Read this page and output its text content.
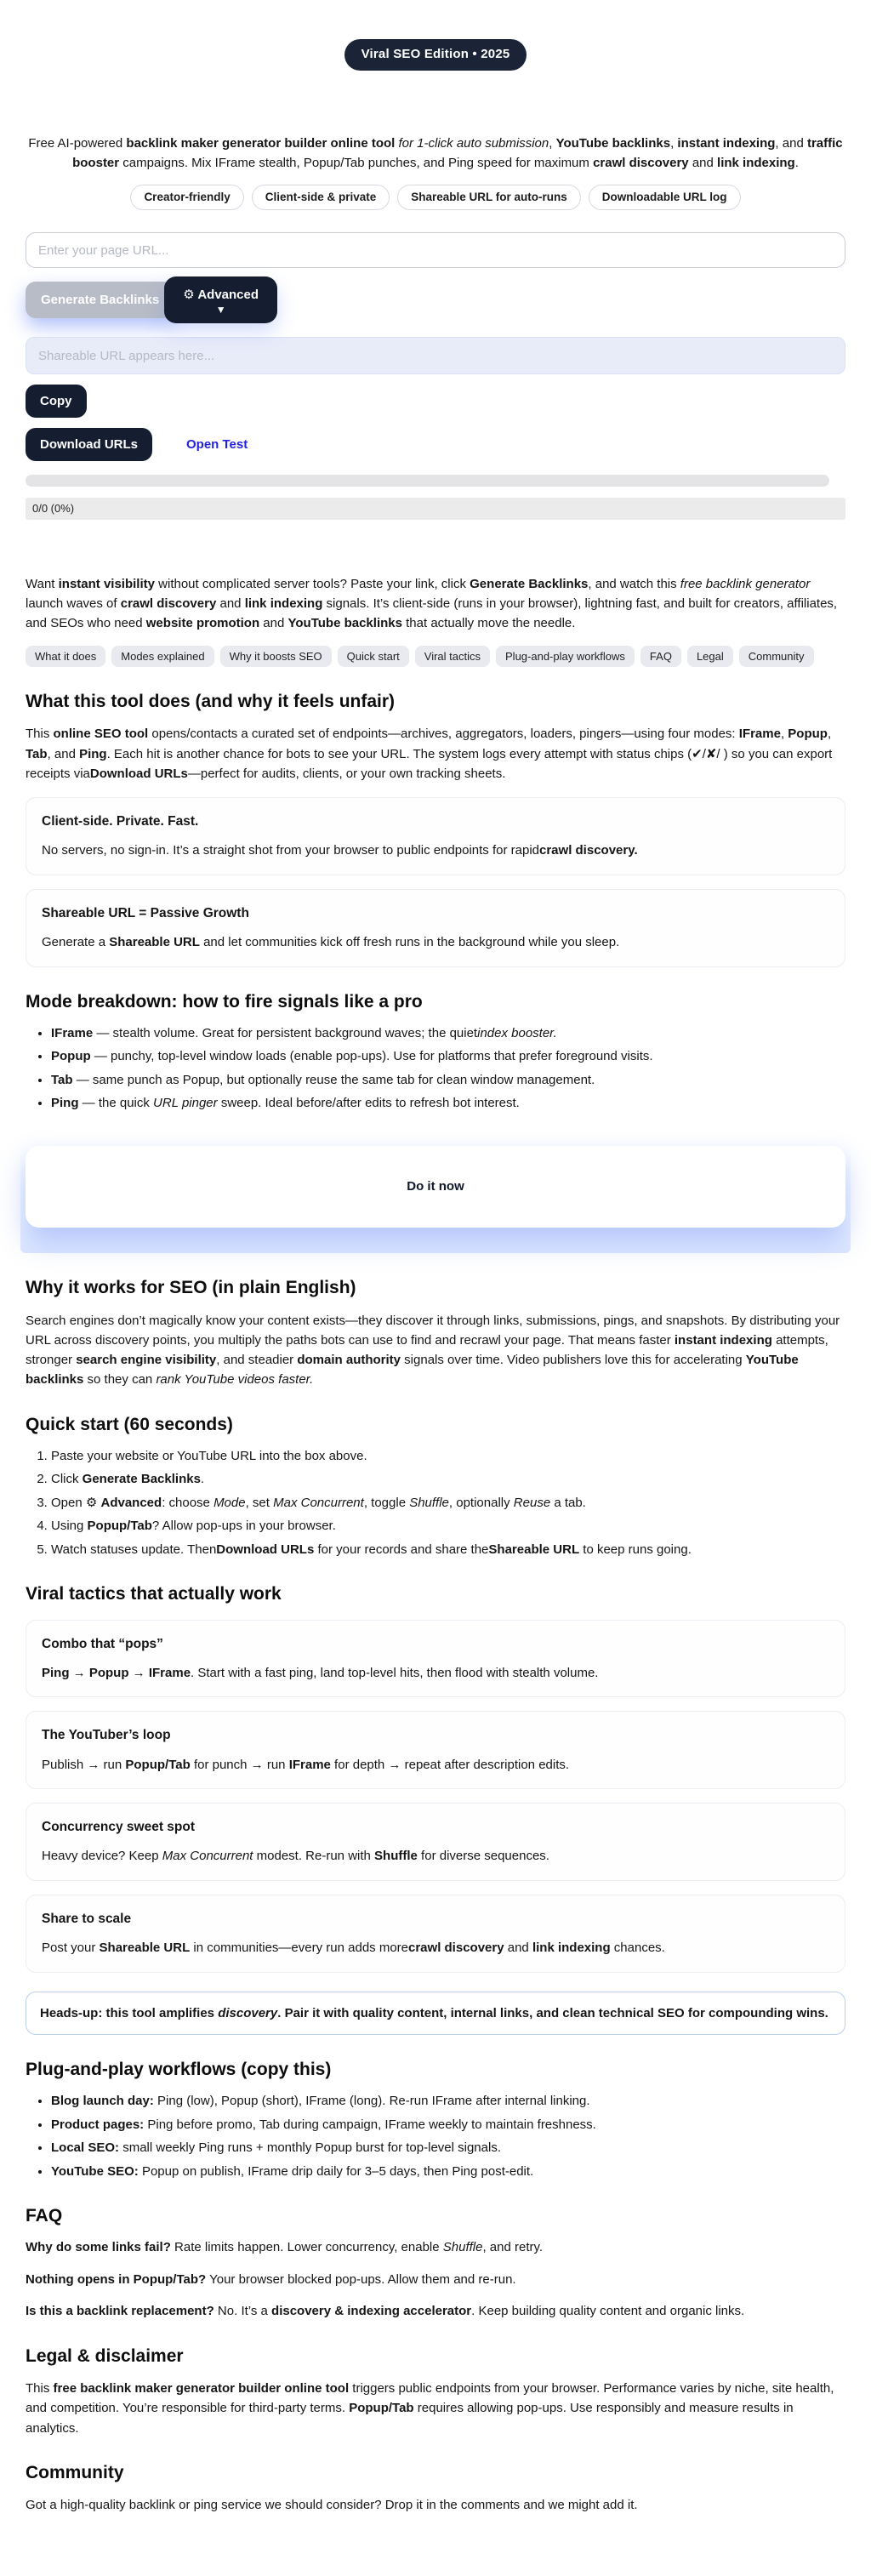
Viral SEO Edition • 2025

Free AI-powered backlink maker generator builder online tool for 1-click auto submission, YouTube backlinks, instant indexing, and traffic booster campaigns. Mix IFrame stealth, Popup/Tab punches, and Ping speed for maximum crawl discovery and link indexing.

Creator-friendly	Client-side & private	Shareable URL for auto-runs	Downloadable URL log
Enter your page URL...
Generate Backlinks	⚙ Advanced
▼
Shareable URL appears here...
Copy
Download URLs	Open Test
0/0 (0%)

Want instant visibility without complicated server tools? Paste your link, click Generate Backlinks, and watch this free backlink generator launch waves of crawl discovery and link indexing signals. It’s client-side (runs in your browser), lightning fast, and built for creators, affiliates, and SEOs who need website promotion and YouTube backlinks that actually move the needle.

What it does	Modes explained	Why it boosts SEO	Quick start	Viral tactics	Plug-and-play workflows	FAQ	Legal	Community
What this tool does (and why it feels unfair)

This online SEO tool opens/contacts a curated set of endpoints—archives, aggregators, loaders, pingers—using four modes: IFrame, Popup, Tab, and Ping. Each hit is another chance for bots to see your URL. The system logs every attempt with status chips (✔/✘/ ) so you can export receipts viaDownload URLs—perfect for audits, clients, or your own tracking sheets.

Client-side. Private. Fast.

No servers, no sign-in. It’s a straight shot from your browser to public endpoints for rapidcrawl discovery.

Shareable URL = Passive Growth

Generate a Shareable URL and let communities kick off fresh runs in the background while you sleep.

Mode breakdown: how to fire signals like a pro
• IFrame — stealth volume. Great for persistent background waves; the quietindex booster.
• Popup — punchy, top-level window loads (enable pop-ups). Use for platforms that prefer foreground visits.
• Tab — same punch as Popup, but optionally reuse the same tab for clean window management.
• Ping — the quick URL pinger sweep. Ideal before/after edits to refresh bot interest.
Do it now
Why it works for SEO (in plain English)

Search engines don’t magically know your content exists—they discover it through links, submissions, pings, and snapshots. By distributing your URL across discovery points, you multiply the paths bots can use to find and recrawl your page. That means faster instant indexing attempts, stronger search engine visibility, and steadier domain authority signals over time. Video publishers love this for accelerating YouTube backlinks so they can rank YouTube videos faster.

Quick start (60 seconds)
1. Paste your website or YouTube URL into the box above.
2. Click Generate Backlinks.
3. Open ⚙ Advanced: choose Mode, set Max Concurrent, toggle Shuffle, optionally Reuse a tab.
4. Using Popup/Tab? Allow pop-ups in your browser.
5. Watch statuses update. ThenDownload URLs for your records and share theShareable URL to keep runs going.
Viral tactics that actually work
Combo that “pops”

Ping → Popup → IFrame. Start with a fast ping, land top-level hits, then flood with stealth volume.

The YouTuber’s loop

Publish → run Popup/Tab for punch → run IFrame for depth → repeat after description edits.

Concurrency sweet spot

Heavy device? Keep Max Concurrent modest. Re-run with Shuffle for diverse sequences.

Share to scale

Post your Shareable URL in communities—every run adds morecrawl discovery and link indexing chances.

Heads-up: this tool amplifies discovery. Pair it with quality content, internal links, and clean technical SEO for compounding wins.
Plug-and-play workflows (copy this)
• Blog launch day: Ping (low), Popup (short), IFrame (long). Re-run IFrame after internal linking.
• Product pages: Ping before promo, Tab during campaign, IFrame weekly to maintain freshness.
• Local SEO: small weekly Ping runs + monthly Popup burst for top-level signals.
• YouTube SEO: Popup on publish, IFrame drip daily for 3–5 days, then Ping post-edit.
FAQ

Why do some links fail? Rate limits happen. Lower concurrency, enable Shuffle, and retry.

Nothing opens in Popup/Tab? Your browser blocked pop-ups. Allow them and re-run.

Is this a backlink replacement? No. It’s a discovery & indexing accelerator. Keep building quality content and organic links.

Legal & disclaimer

This free backlink maker generator builder online tool triggers public endpoints from your browser. Performance varies by niche, site health, and competition. You’re responsible for third-party terms. Popup/Tab requires allowing pop-ups. Use responsibly and measure results in analytics.

Community

Got a high-quality backlink or ping service we should consider? Drop it in the comments and we might add it.
